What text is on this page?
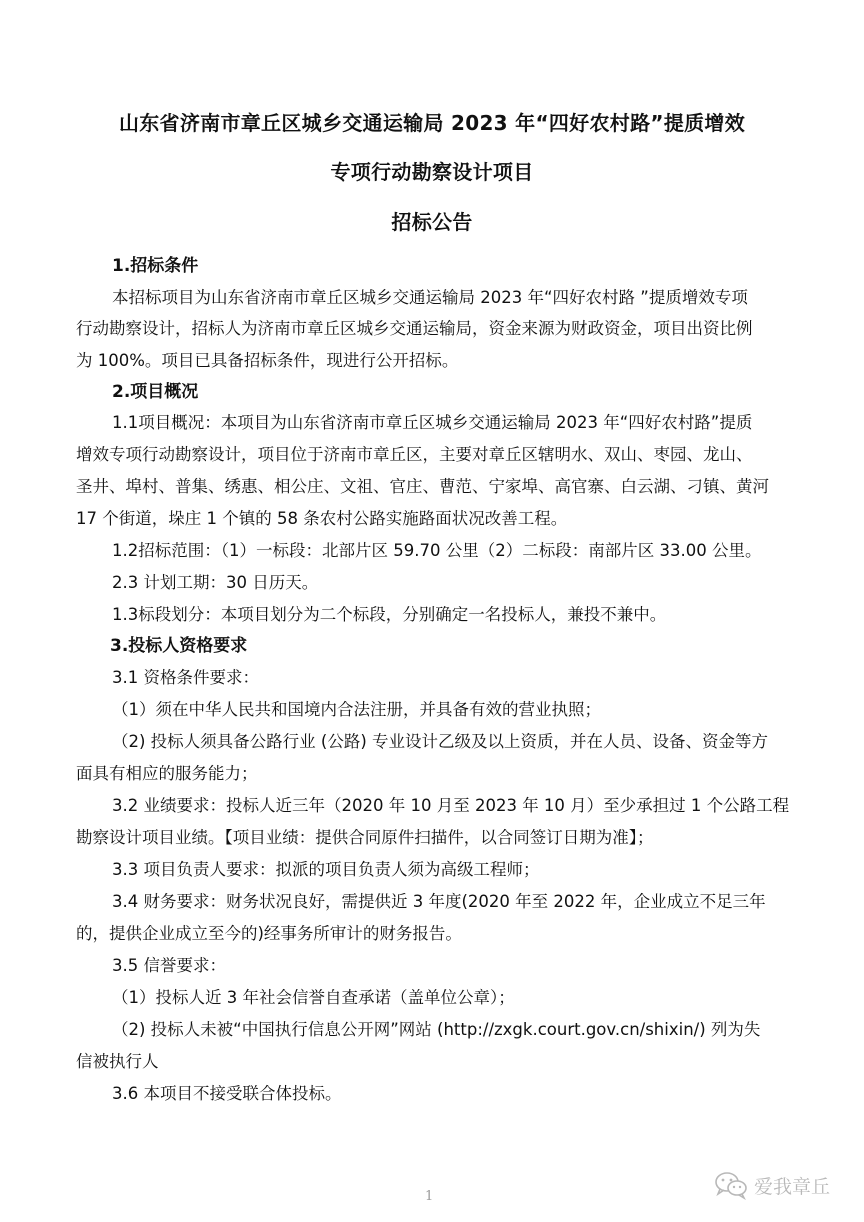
山东省济南市章丘区城乡交通运输局 2023 年“四好农村路”提质增效
专项行动勘察设计项目
招标公告
1.招标条件
本招标项目为山东省济南市章丘区城乡交通运输局 2023 年“四好农村路 ”提质增效专项
行动勘察设计，招标人为济南市章丘区城乡交通运输局，资金来源为财政资金，项目出资比例
为 100%。项目已具备招标条件，现进行公开招标。
2.项目概况
1.1项目概况：本项目为山东省济南市章丘区城乡交通运输局 2023 年“四好农村路”提质
增效专项行动勘察设计，项目位于济南市章丘区，主要对章丘区辖明水、双山、枣园、龙山、
圣井、埠村、普集、绣惠、相公庄、文祖、官庄、曹范、宁家埠、高官寨、白云湖、刁镇、黄河
17 个街道，垛庄 1 个镇的 58 条农村公路实施路面状况改善工程。
1.2招标范围：（1）一标段：北部片区 59.70 公里（2）二标段：南部片区 33.00 公里。
2.3 计划工期：30 日历天。
1.3标段划分：本项目划分为二个标段，分别确定一名投标人，兼投不兼中。
3.投标人资格要求
3.1 资格条件要求：
（1）须在中华人民共和国境内合法注册，并具备有效的营业执照；
（2) 投标人须具备公路行业 (公路) 专业设计乙级及以上资质，并在人员、设备、资金等方
面具有相应的服务能力；
3.2 业绩要求：投标人近三年（2020 年 10 月至 2023 年 10 月）至少承担过 1 个公路工程
勘察设计项目业绩。【项目业绩：提供合同原件扫描件，以合同签订日期为准】；
3.3 项目负责人要求：拟派的项目负责人须为高级工程师；
3.4 财务要求：财务状况良好，需提供近 3 年度(2020 年至 2022 年，企业成立不足三年
的，提供企业成立至今的)经事务所审计的财务报告。
3.5 信誉要求：
（1）投标人近 3 年社会信誉自查承诺（盖单位公章）；
（2) 投标人未被“中国执行信息公开网”网站 (http://zxgk.court.gov.cn/shixin/) 列为失
信被执行人
3.6 本项目不接受联合体投标。
1	爱我章丘
